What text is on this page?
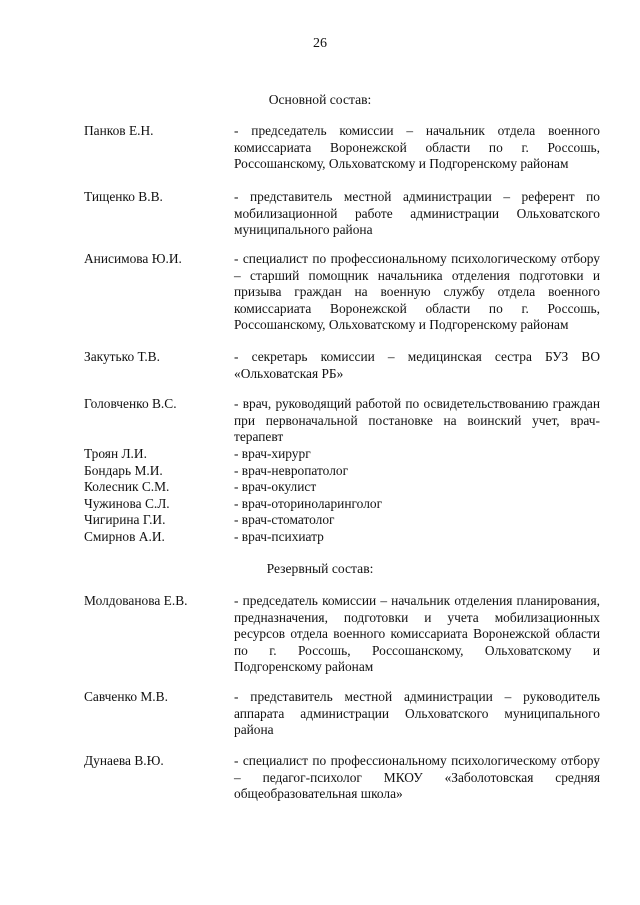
26
Основной состав:
Панков Е.Н.	- председатель комиссии – начальник отдела военного комиссариата Воронежской области по г. Россошь, Россошанскому, Ольховатскому и Подгоренскому районам
Тищенко В.В.	- представитель местной администрации – референт по мобилизационной работе администрации Ольховатского муниципального района
Анисимова Ю.И.	- специалист по профессиональному психологическому отбору – старший помощник начальника отделения подготовки и призыва граждан на военную службу отдела военного комиссариата Воронежской области по г. Россошь, Россошанскому, Ольховатскому и Подгоренскому районам
Закутько Т.В.	- секретарь комиссии – медицинская сестра БУЗ ВО «Ольховатская РБ»
Головченко В.С.	- врач, руководящий работой по освидетельствованию граждан при первоначальной постановке на воинский учет, врач-терапевт
Троян Л.И.	- врач-хирург
Бондарь М.И.	- врач-невропатолог
Колесник С.М.	- врач-окулист
Чужинова С.Л.	- врач-оториноларинголог
Чигирина Г.И.	- врач-стоматолог
Смирнов А.И.	- врач-психиатр
Резервный состав:
Молдованова Е.В.	- председатель комиссии – начальник отделения планирования, предназначения, подготовки и учета мобилизационных ресурсов отдела военного комиссариата Воронежской области по г. Россошь, Россошанскому, Ольховатскому и Подгоренскому районам
Савченко М.В.	- представитель местной администрации – руководитель аппарата администрации Ольховатского муниципального района
Дунаева В.Ю.	- специалист по профессиональному психологическому отбору – педагог-психолог МКОУ «Заболотовская средняя общеобразовательная школа»
